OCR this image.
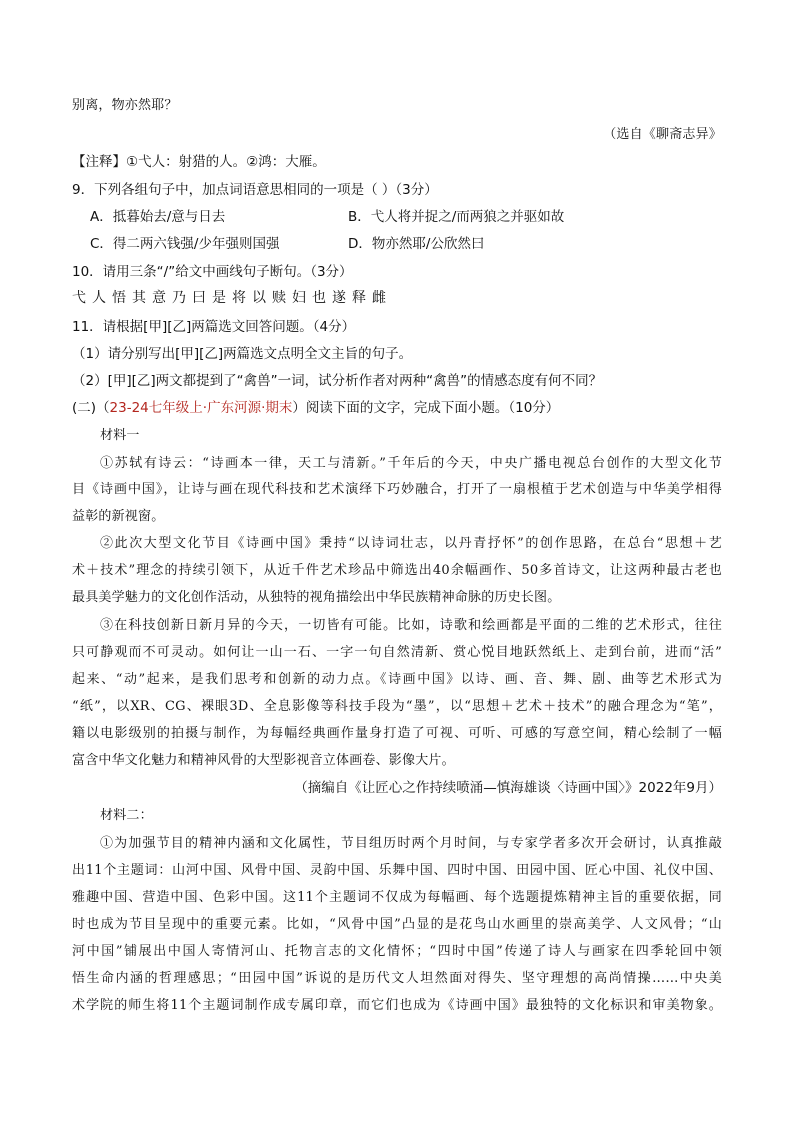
别离，物亦然耶？
（选自《聊斋志异》
【注释】①弋人：射猎的人。②鸿：大雁。
9．下列各组句子中，加点词语意思相同的一项是（ ）（3分）
A．抵暮始去/意与日去	B．弋人将并捉之/而两狼之并驱如故
C．得二两六钱强/少年强则国强	D．物亦然耶/公欣然曰
10．请用三条“/”给文中画线句子断句。（3分）
弋人悟其意乃曰是将以赎妇也遂释雌
11．请根据[甲][乙]两篇选文回答问题。（4分）
（1）请分别写出[甲][乙]两篇选文点明全文主旨的句子。
（2）[甲][乙]两文都提到了“禽兽”一词，试分析作者对两种“禽兽”的情感态度有何不同？
(二)（23-24七年级上·广东河源·期末）阅读下面的文字，完成下面小题。（10分）
材料一
①苏轼有诗云：“诗画本一律，天工与清新。”千年后的今天，中央广播电视总台创作的大型文化节
目《诗画中国》，让诗与画在现代科技和艺术演绎下巧妙融合，打开了一扇根植于艺术创造与中华美学相得
益彰的新视窗。
②此次大型文化节目《诗画中国》秉持“以诗词壮志，以丹青抒怀”的创作思路，在总台“思想＋艺
术＋技术”理念的持续引领下，从近千件艺术珍品中筛选出40余幅画作、50多首诗文，让这两种最古老也
最具美学魅力的文化创作活动，从独特的视角描绘出中华民族精神命脉的历史长图。
③在科技创新日新月异的今天，一切皆有可能。比如，诗歌和绘画都是平面的二维的艺术形式，往往
只可静观而不可灵动。如何让一山一石、一字一句自然清新、赏心悦目地跃然纸上、走到台前，进而“活”
起来、“动”起来，是我们思考和创新的动力点。《诗画中国》以诗、画、音、舞、剧、曲等艺术形式为
“纸”，以XR、CG、裸眼3D、全息影像等科技手段为“墨”，以“思想＋艺术＋技术”的融合理念为“笔”，
籍以电影级别的拍摄与制作，为每幅经典画作量身打造了可视、可听、可感的写意空间，精心绘制了一幅
富含中华文化魅力和精神风骨的大型影视音立体画卷、影像大片。
（摘编自《让匠心之作持续喷涌—慎海雄谈〈诗画中国〉》2022年9月）
材料二：
①为加强节目的精神内涵和文化属性，节目组历时两个月时间，与专家学者多次开会研讨，认真推敲
出11个主题词：山河中国、风骨中国、灵韵中国、乐舞中国、四时中国、田园中国、匠心中国、礼仪中国、
雅趣中国、营造中国、色彩中国。这11个主题词不仅成为每幅画、每个选题提炼精神主旨的重要依据，同
时也成为节目呈现中的重要元素。比如，“风骨中国”凸显的是花鸟山水画里的崇高美学、人文风骨；“山
河中国”铺展出中国人寄情河山、托物言志的文化情怀；“四时中国”传递了诗人与画家在四季轮回中领
悟生命内涵的哲理感思；“田园中国”诉说的是历代文人坦然面对得失、坚守理想的高尚情操……中央美
术学院的师生将11个主题词制作成专属印章，而它们也成为《诗画中国》最独特的文化标识和审美物象。
